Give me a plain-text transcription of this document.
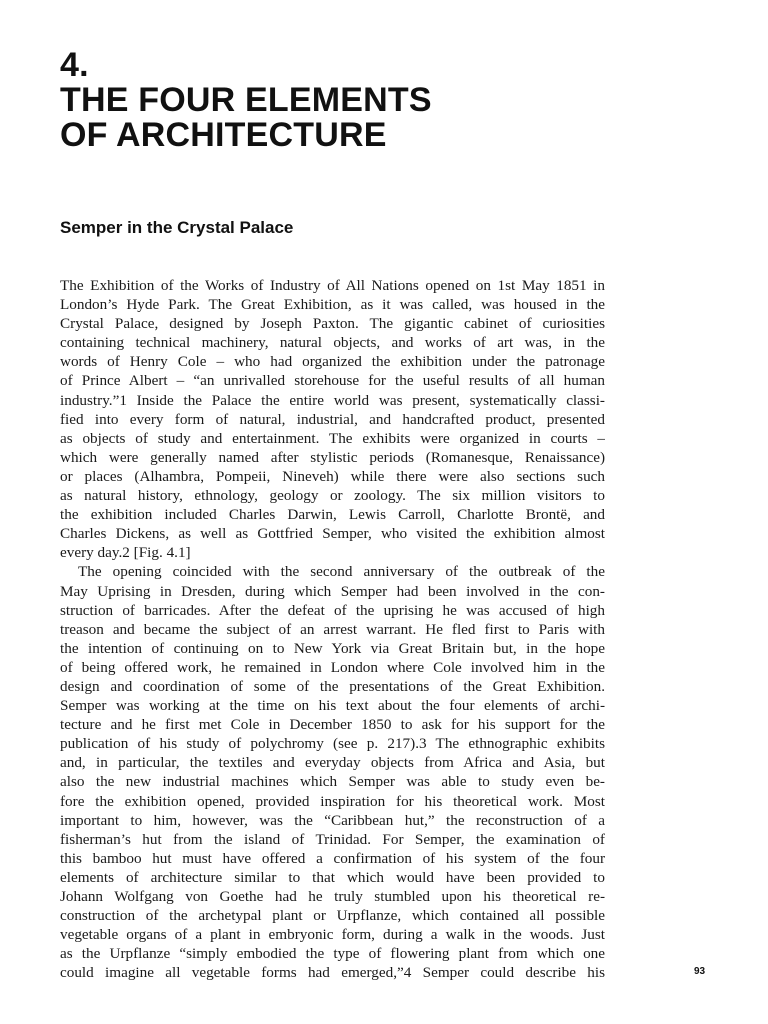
4.
THE FOUR ELEMENTS
OF ARCHITECTURE
Semper in the Crystal Palace
The Exhibition of the Works of Industry of All Nations opened on 1st May 1851 in
London’s Hyde Park. The Great Exhibition, as it was called, was housed in the
Crystal Palace, designed by Joseph Paxton. The gigantic cabinet of curiosities
containing technical machinery, natural objects, and works of art was, in the
words of Henry Cole – who had organized the exhibition under the patronage
of Prince Albert – “an unrivalled storehouse for the useful results of all human
industry.”1 Inside the Palace the entire world was present, systematically classi-
fied into every form of natural, industrial, and handcrafted product, presented
as objects of study and entertainment. The exhibits were organized in courts –
which were generally named after stylistic periods (Romanesque, Renaissance)
or places (Alhambra, Pompeii, Nineveh) while there were also sections such
as natural history, ethnology, geology or zoology. The six million visitors to
the exhibition included Charles Darwin, Lewis Carroll, Charlotte Brontë, and
Charles Dickens, as well as Gottfried Semper, who visited the exhibition almost
every day.2 [Fig. 4.1]
The opening coincided with the second anniversary of the outbreak of the
May Uprising in Dresden, during which Semper had been involved in the con-
struction of barricades. After the defeat of the uprising he was accused of high
treason and became the subject of an arrest warrant. He fled first to Paris with
the intention of continuing on to New York via Great Britain but, in the hope
of being offered work, he remained in London where Cole involved him in the
design and coordination of some of the presentations of the Great Exhibition.
Semper was working at the time on his text about the four elements of archi-
tecture and he first met Cole in December 1850 to ask for his support for the
publication of his study of polychromy (see p. 217).3 The ethnographic exhibits
and, in particular, the textiles and everyday objects from Africa and Asia, but
also the new industrial machines which Semper was able to study even be-
fore the exhibition opened, provided inspiration for his theoretical work. Most
important to him, however, was the “Caribbean hut,” the reconstruction of a
fisherman’s hut from the island of Trinidad. For Semper, the examination of
this bamboo hut must have offered a confirmation of his system of the four
elements of architecture similar to that which would have been provided to
Johann Wolfgang von Goethe had he truly stumbled upon his theoretical re-
construction of the archetypal plant or Urpflanze, which contained all possible
vegetable organs of a plant in embryonic form, during a walk in the woods. Just
as the Urpflanze “simply embodied the type of flowering plant from which one
could imagine all vegetable forms had emerged,”4 Semper could describe his	93
